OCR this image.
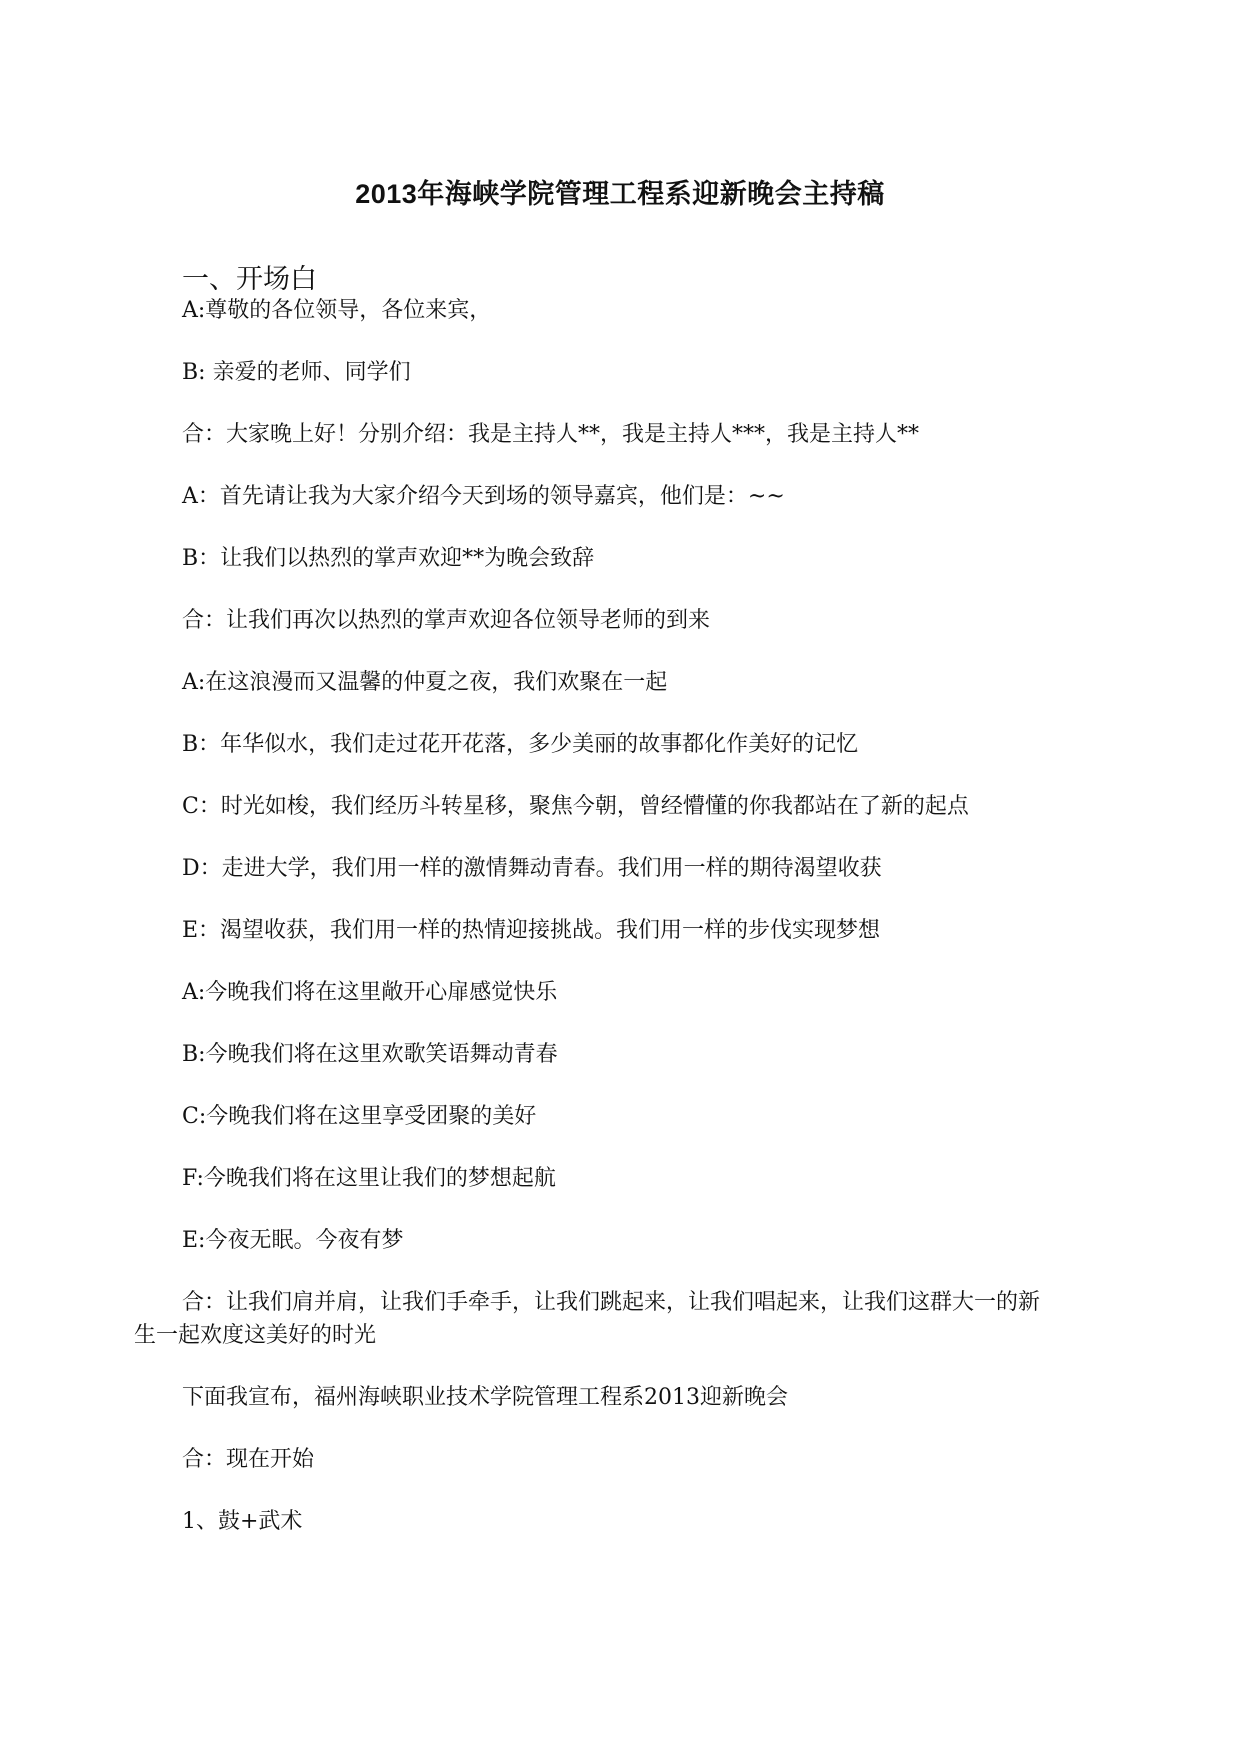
2013年海峡学院管理工程系迎新晚会主持稿
一、开场白

A:尊敬的各位领导，各位来宾，

B: 亲爱的老师、同学们

合：大家晚上好！分别介绍：我是主持人**，我是主持人***，我是主持人**

A：首先请让我为大家介绍今天到场的领导嘉宾，他们是：~~

B：让我们以热烈的掌声欢迎**为晚会致辞

合：让我们再次以热烈的掌声欢迎各位领导老师的到来

A:在这浪漫而又温馨的仲夏之夜，我们欢聚在一起

B：年华似水，我们走过花开花落，多少美丽的故事都化作美好的记忆

C：时光如梭，我们经历斗转星移，聚焦今朝，曾经懵懂的你我都站在了新的起点

D：走进大学，我们用一样的激情舞动青春。我们用一样的期待渴望收获

E：渴望收获，我们用一样的热情迎接挑战。我们用一样的步伐实现梦想

A:今晚我们将在这里敞开心扉感觉快乐

B:今晚我们将在这里欢歌笑语舞动青春

C:今晚我们将在这里享受团聚的美好

F:今晚我们将在这里让我们的梦想起航

E:今夜无眠。今夜有梦

合：让我们肩并肩，让我们手牵手，让我们跳起来，让我们唱起来，让我们这群大一的新生一起欢度这美好的时光

下面我宣布，福州海峡职业技术学院管理工程系2013迎新晚会

合：现在开始

1、鼓+武术
